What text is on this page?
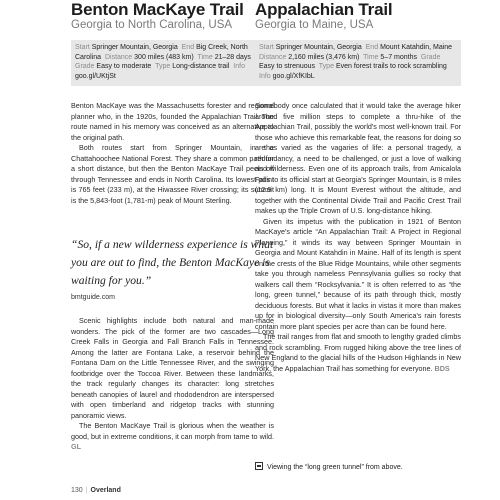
Benton MacKaye Trail
Georgia to North Carolina, USA
Start Springer Mountain, Georgia End Big Creek, North Carolina Distance 300 miles (483 km) Time 21–28 days  Grade Easy to moderate Type Long-distance trail Info goo.gl/UKtjSt

Benton MacKaye was the Massachusetts forester and regional planner who, in the 1920s, founded the Appalachian Trail. The route named in his memory was conceived as an alternative to the original path.

Both routes start from Springer Mountain, in the Chattahoochee National Forest. They share a common path for a short distance, but then the Benton MacKaye Trail peels off through Tennessee and ends in North Carolina. Its lowest point is 765 feet (233 m), at the Hiwassee River crossing; its summit is the 5,843-foot (1,781-m) peak of Mount Sterling.

“So, if a new wilderness experience is what you are out to find, the Benton MacKaye is waiting for you.”
bmtguide.com

Scenic highlights include both natural and man-made wonders. The pick of the former are two cascades—Long Creek Falls in Georgia and Fall Branch Falls in Tennessee. Among the latter are Fontana Lake, a reservoir behind the Fontana Dam on the Little Tennessee River, and the swinging footbridge over the Toccoa River. Between these landmarks, the track regularly changes its character: long stretches beneath canopies of laurel and rhododendron are interspersed with open timberland and ridgetop tracks with stunning panoramic views.

The Benton MacKaye Trail is glorious when the weather is good, but in extreme conditions, it can morph from tame to wild. GL

Appalachian Trail
Georgia to Maine, USA
Start Springer Mountain, Georgia End Mount Katahdin, Maine  Distance 2,160 miles (3,476 km) Time 5–7 months Grade Easy to strenuous Type Even forest trails to rock scrambling  Info goo.gl/XfKIbL

Somebody once calculated that it would take the average hiker around five million steps to complete a thru-hike of the Appalachian Trail, possibly the world's most well-known trail. For those who achieve this remarkable feat, the reasons for doing so are as varied as the vagaries of life: a personal tragedy, a redundancy, a need to be challenged, or just a love of walking and wilderness. Even one of its approach trails, from Amicalola Falls to its official start at Georgia's Springer Mountain, is 8 miles (12.9 km) long. It is Mount Everest without the altitude, and together with the Continental Divide Trail and Pacific Crest Trail makes up the Triple Crown of U.S. long-distance hiking.

Given its impetus with the publication in 1921 of Benton MacKaye's article “An Appalachian Trail: A Project in Regional Planning,” it winds its way between Springer Mountain in Georgia and Mount Katahdin in Maine. Half of its length is spent on the crests of the Blue Ridge Mountains, while other segments take you through nameless Pennsylvania gullies so rocky that walkers call them “Rocksylvania.” It is often referred to as “the long, green tunnel,” because of its path through thick, mostly deciduous forests. But what it lacks in vistas it more than makes up for in biological diversity—only South America's rain forests contain more plant species per acre than can be found here.

The trail ranges from flat and smooth to lengthy graded climbs and rock scrambling. From rugged hiking above the tree lines of New England to the glacial hills of the Hudson Highlands in New York, the Appalachian Trail has something for everyone. BDS

Viewing the “long green tunnel” from above.
130 | Overland
